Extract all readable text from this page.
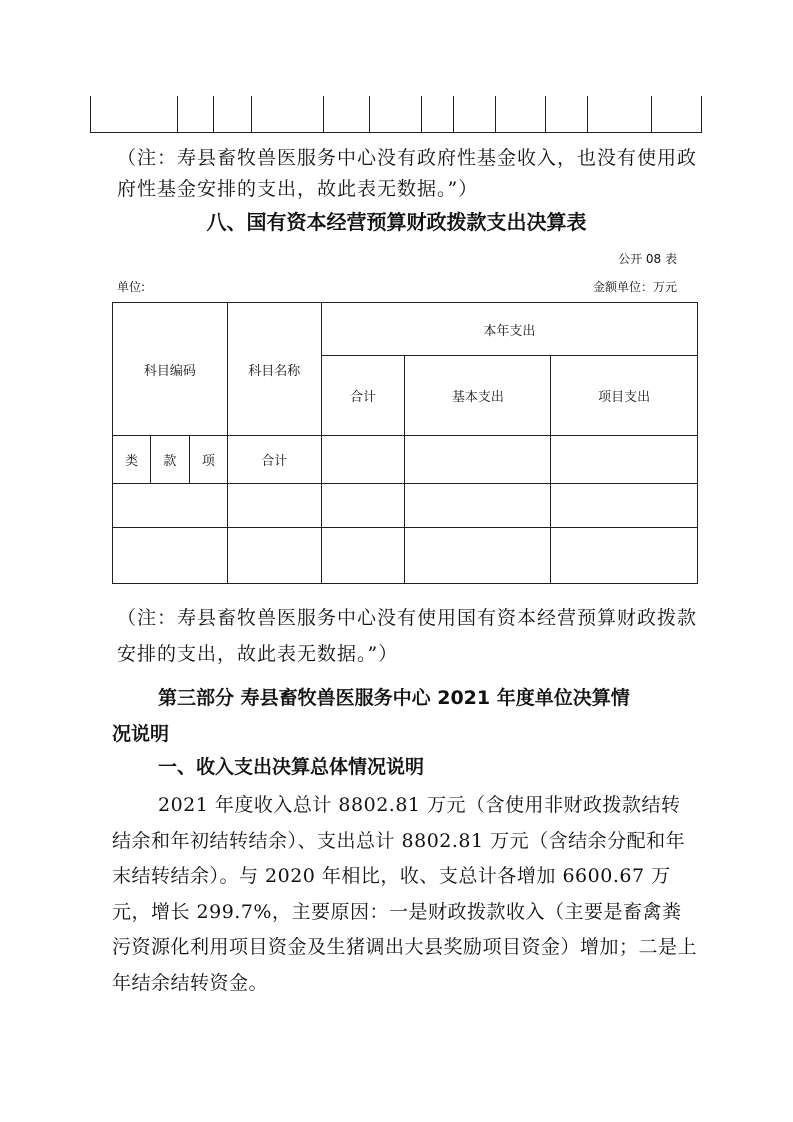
（注：寿县畜牧兽医服务中心没有政府性基金收入，也没有使用政府性基金安排的支出，故此表无数据。”）
八、国有资本经营预算财政拨款支出决算表
公开 08 表
单位:	金额单位：万元
科目编码			科目名称	本年支出		
				合计	基本支出	项目支出
类	款	项	合计			

（注：寿县畜牧兽医服务中心没有使用国有资本经营预算财政拨款安排的支出，故此表无数据。”）
第三部分 寿县畜牧兽医服务中心 2021 年度单位决算情
况说明
一、收入支出决算总体情况说明
2021 年度收入总计 8802.81 万元（含使用非财政拨款结转结余和年初结转结余）、支出总计 8802.81 万元（含结余分配和年末结转结余）。与 2020 年相比，收、支总计各增加 6600.67 万元，增长 299.7%，主要原因：一是财政拨款收入（主要是畜禽粪污资源化利用项目资金及生猪调出大县奖励项目资金）增加；二是上年结余结转资金。
